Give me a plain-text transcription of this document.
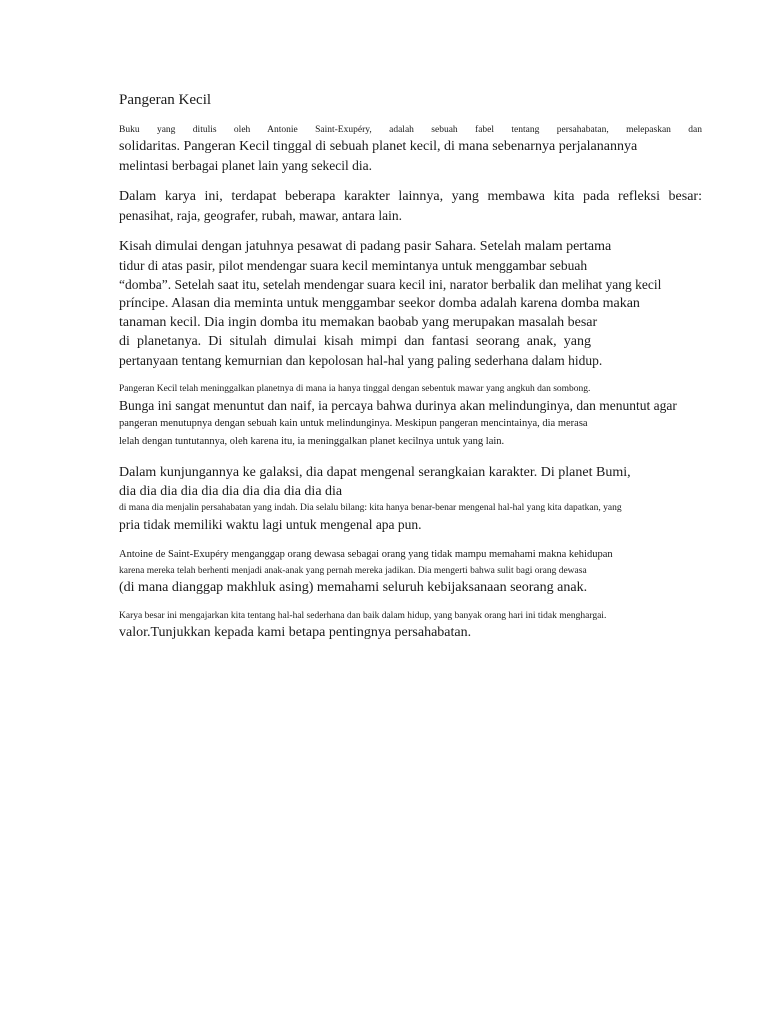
Pangeran Kecil
Buku yang ditulis oleh Antonie Saint-Exupéry, adalah sebuah fabel tentang persahabatan, melepaskan dan
solidaritas. Pangeran Kecil tinggal di sebuah planet kecil, di mana sebenarnya perjalanannya
melintasi berbagai planet lain yang sekecil dia.
Dalam karya ini, terdapat beberapa karakter lainnya, yang membawa kita pada refleksi besar:
penasihat, raja, geografer, rubah, mawar, antara lain.
Kisah dimulai dengan jatuhnya pesawat di padang pasir Sahara. Setelah malam pertama
tidur di atas pasir, pilot mendengar suara kecil memintanya untuk menggambar sebuah
“domba”. Setelah saat itu, setelah mendengar suara kecil ini, narator berbalik dan melihat yang kecil
príncipe. Alasan dia meminta untuk menggambar seekor domba adalah karena domba makan
tanaman kecil. Dia ingin domba itu memakan baobab yang merupakan masalah besar
di planetanya. Di situlah dimulai kisah mimpi dan fantasi seorang anak, yang
pertanyaan tentang kemurnian dan kepolosan hal-hal yang paling sederhana dalam hidup.
Pangeran Kecil telah meninggalkan planetnya di mana ia hanya tinggal dengan sebentuk mawar yang angkuh dan sombong.
Bunga ini sangat menuntut dan naif, ia percaya bahwa durinya akan melindunginya, dan menuntut agar
pangeran menutupnya dengan sebuah kain untuk melindunginya. Meskipun pangeran mencintainya, dia merasa
lelah dengan tuntutannya, oleh karena itu, ia meninggalkan planet kecilnya untuk yang lain.
Dalam kunjungannya ke galaksi, dia dapat mengenal serangkaian karakter. Di planet Bumi,
dia dia dia dia dia dia dia dia dia dia dia
di mana dia menjalin persahabatan yang indah. Dia selalu bilang: kita hanya benar-benar mengenal hal-hal yang kita dapatkan, yang
pria tidak memiliki waktu lagi untuk mengenal apa pun.
Antoine de Saint-Exupéry menganggap orang dewasa sebagai orang yang tidak mampu memahami makna kehidupan
karena mereka telah berhenti menjadi anak-anak yang pernah mereka jadikan. Dia mengerti bahwa sulit bagi orang dewasa
(di mana dianggap makhluk asing) memahami seluruh kebijaksanaan seorang anak.
Karya besar ini mengajarkan kita tentang hal-hal sederhana dan baik dalam hidup, yang banyak orang hari ini tidak menghargai.
valor.Tunjukkan kepada kami betapa pentingnya persahabatan.
